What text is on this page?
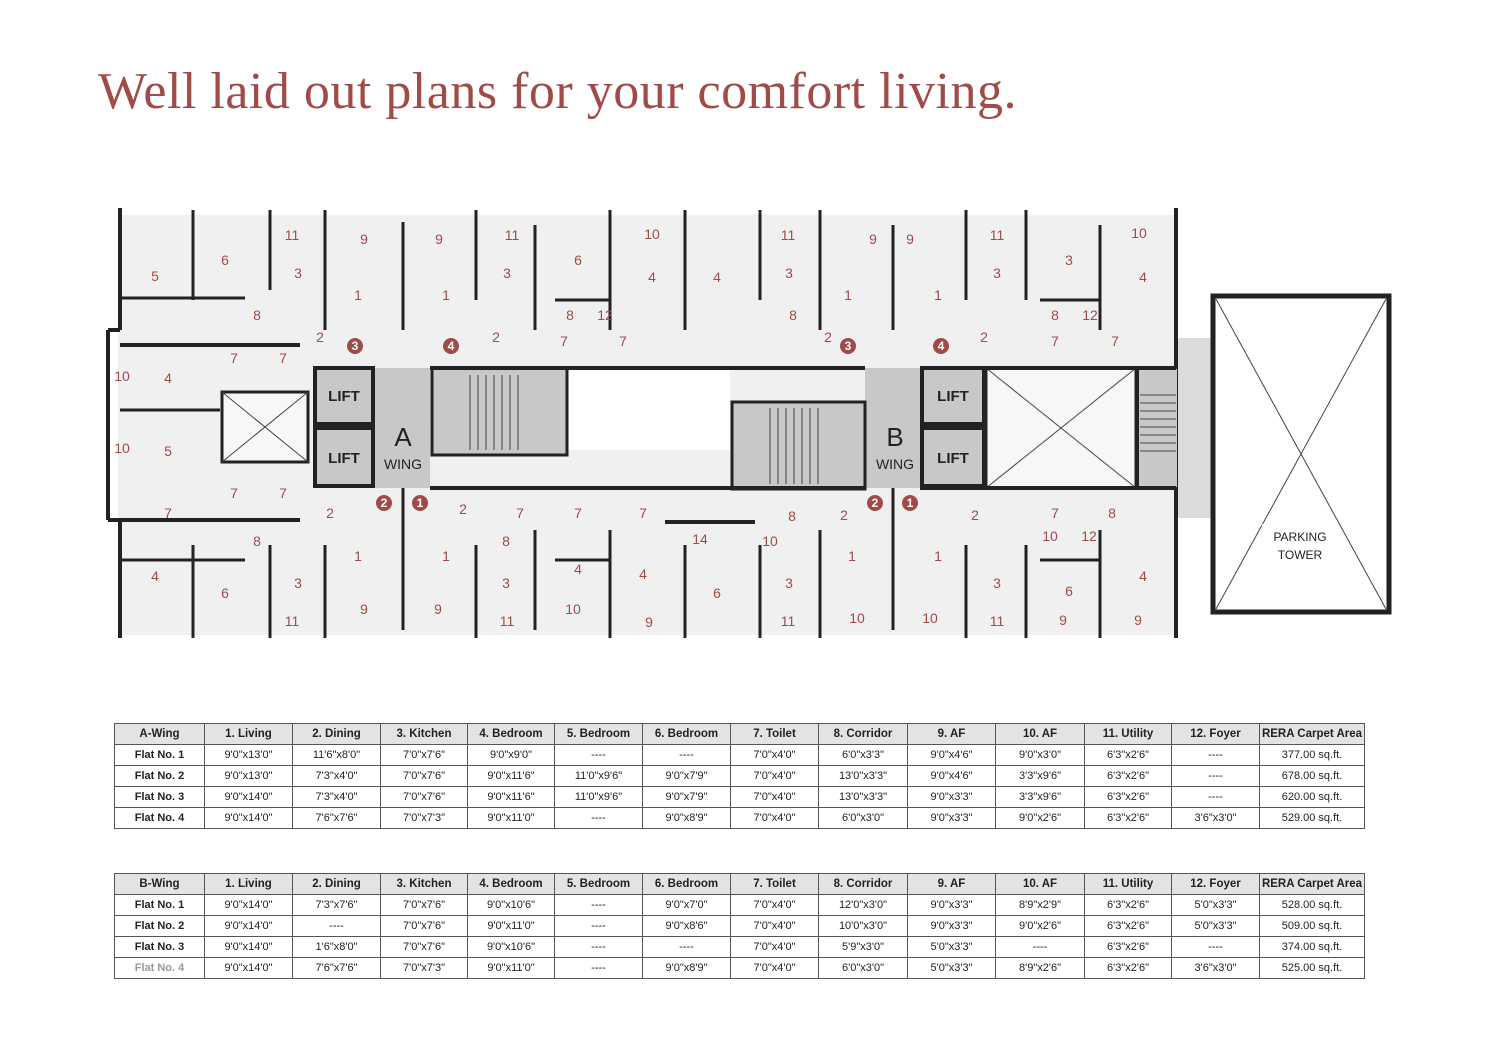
Well laid out plans for your comfort living.
LIFT
LIFT
LIFT
LIFT
A
WING
B
WING
PARKING
TOWER
5
6
11
3
9
1
8
9
1
11
3
6
10
4	4
11
3
9 9
1
8
1
11
3
3
10
4
8 12	8 12
2
10 4
10 5
7	7
7	7
7	7	7	7
7	7	7
7	8	7	8
8
4
6
3
1	1
8
3
4	4
14	10
6
3
1	1
3
10 12
6
4
9	9	10
11	11	9	11	10	10	11	9	9
2	2	2
2	2	2	2
3	4	3	4
2 1	2 1
A-Wing	1. Living	2. Dining	3. Kitchen	4. Bedroom	5. Bedroom	6. Bedroom	7. Toilet	8. Corridor	9. AF	10. AF	11. Utility	12. Foyer	RERA Carpet Area
Flat No. 1	9'0"x13'0"	11'6"x8'0"	7'0"x7'6"	9'0"x9'0"	----	----	7'0"x4'0"	6'0"x3'3"	9'0"x4'6"	9'0"x3'0"	6'3"x2'6"	----	377.00 sq.ft.
Flat No. 2	9'0"x13'0"	7'3"x4'0"	7'0"x7'6"	9'0"x11'6"	11'0"x9'6"	9'0"x7'9"	7'0"x4'0"	13'0"x3'3"	9'0"x4'6"	3'3"x9'6"	6'3"x2'6"	----	678.00 sq.ft.
Flat No. 3	9'0"x14'0"	7'3"x4'0"	7'0"x7'6"	9'0"x11'6"	11'0"x9'6"	9'0"x7'9"	7'0"x4'0"	13'0"x3'3"	9'0"x3'3"	3'3"x9'6"	6'3"x2'6"	----	620.00 sq.ft.
Flat No. 4	9'0"x14'0"	7'6"x7'6"	7'0"x7'3"	9'0"x11'0"	----	9'0"x8'9"	7'0"x4'0"	6'0"x3'0"	9'0"x3'3"	9'0"x2'6"	6'3"x2'6"	3'6"x3'0"	529.00 sq.ft.
B-Wing	1. Living	2. Dining	3. Kitchen	4. Bedroom	5. Bedroom	6. Bedroom	7. Toilet	8. Corridor	9. AF	10. AF	11. Utility	12. Foyer	RERA Carpet Area
Flat No. 1	9'0"x14'0"	7'3"x7'6"	7'0"x7'6"	9'0"x10'6"	----	9'0"x7'0"	7'0"x4'0"	12'0"x3'0"	9'0"x3'3"	8'9"x2'9"	6'3"x2'6"	5'0"x3'3"	528.00 sq.ft.
Flat No. 2	9'0"x14'0"	----	7'0"x7'6"	9'0"x11'0"	----	9'0"x8'6"	7'0"x4'0"	10'0"x3'0"	9'0"x3'3"	9'0"x2'6"	6'3"x2'6"	5'0"x3'3"	509.00 sq.ft.
Flat No. 3	9'0"x14'0"	1'6"x8'0"	7'0"x7'6"	9'0"x10'6"	----	----	7'0"x4'0"	5'9"x3'0"	5'0"x3'3"	----	6'3"x2'6"	----	374.00 sq.ft.
Flat No. 4	9'0"x14'0"	7'6"x7'6"	7'0"x7'3"	9'0"x11'0"	----	9'0"x8'9"	7'0"x4'0"	6'0"x3'0"	5'0"x3'3"	8'9"x2'6"	6'3"x2'6"	3'6"x3'0"	525.00 sq.ft.
